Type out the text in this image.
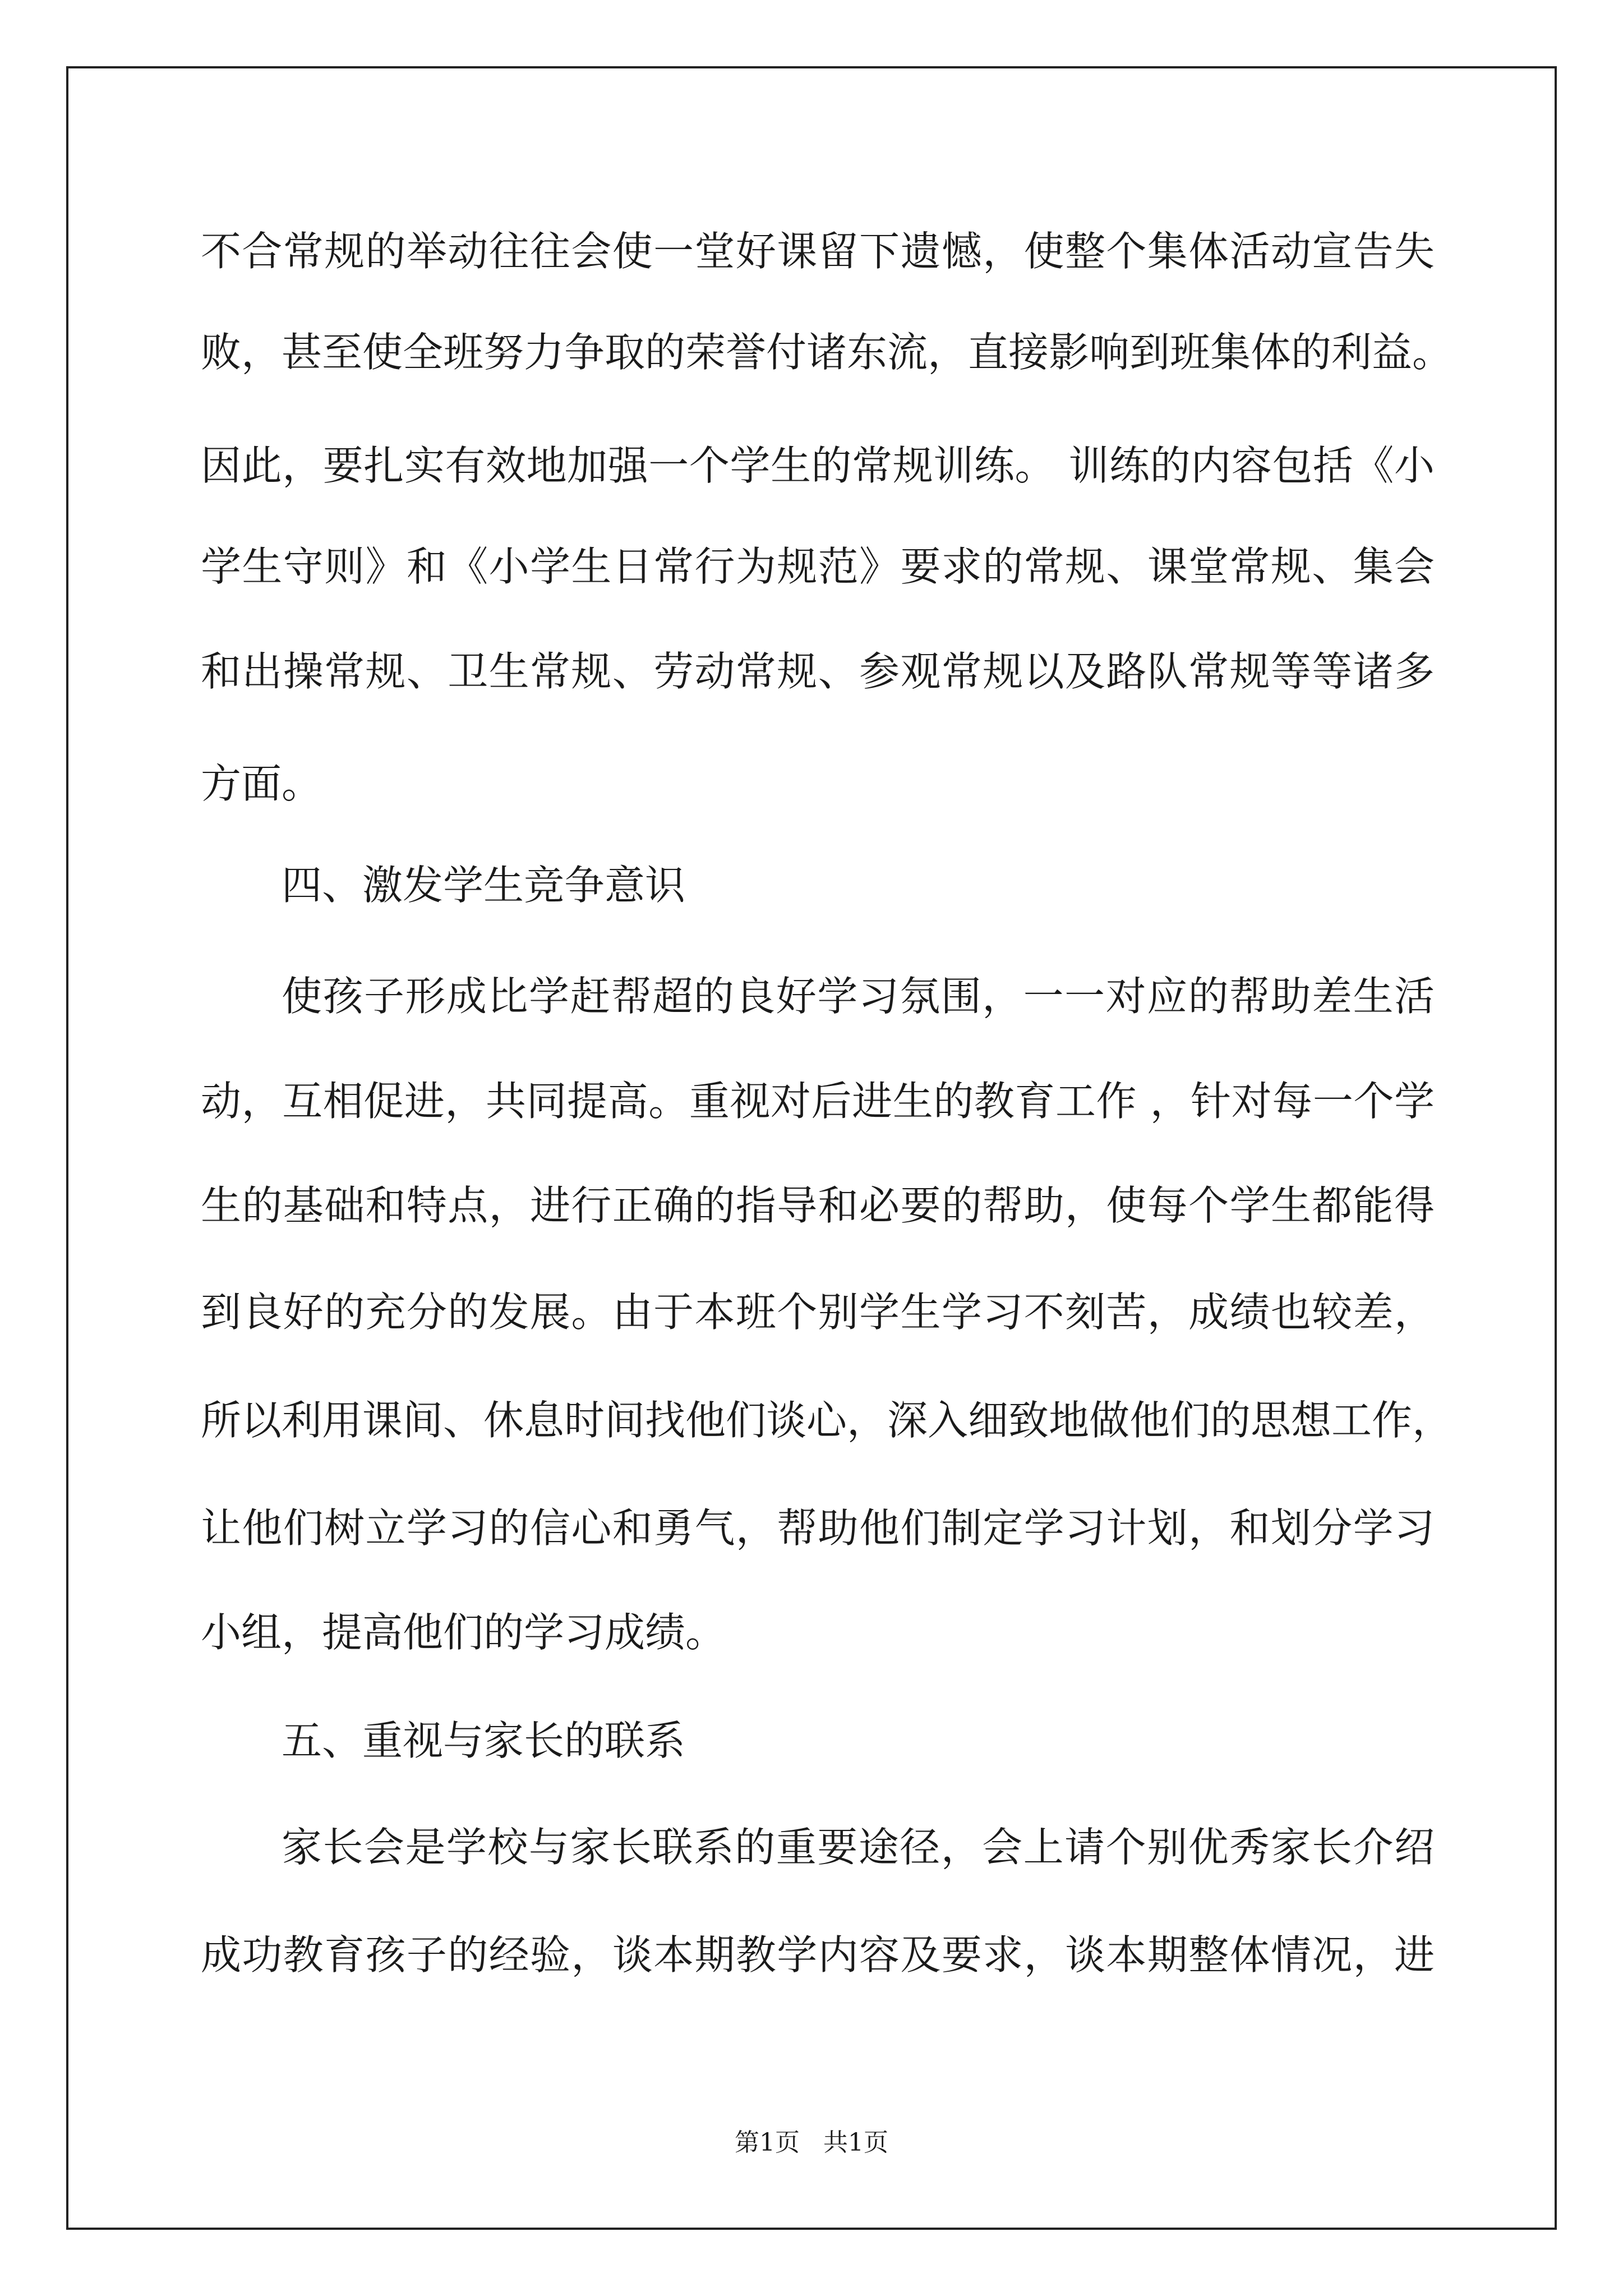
不合常规的举动往往会使一堂好课留下遗憾，使整个集体活动宣告失
败，甚至使全班努力争取的荣誉付诸东流，直接影响到班集体的利益。
因此，要扎实有效地加强一个学生的常规训练。 训练的内容包括《小
学生守则》和《小学生日常行为规范》要求的常规、课堂常规、集会
和出操常规、卫生常规、劳动常规、参观常规以及路队常规等等诸多
方面。
四、激发学生竞争意识
使孩子形成比学赶帮超的良好学习氛围，一一对应的帮助差生活
动，互相促进，共同提高。重视对后进生的教育工作 ，针对每一个学
生的基础和特点，进行正确的指导和必要的帮助，使每个学生都能得
到良好的充分的发展。由于本班个别学生学习不刻苦，成绩也较差，
所以利用课间、休息时间找他们谈心，深入细致地做他们的思想工作，
让他们树立学习的信心和勇气，帮助他们制定学习计划，和划分学习
小组，提高他们的学习成绩。
五、重视与家长的联系
家长会是学校与家长联系的重要途径，会上请个别优秀家长介绍
成功教育孩子的经验，谈本期教学内容及要求，谈本期整体情况，进
第1页   共1页
